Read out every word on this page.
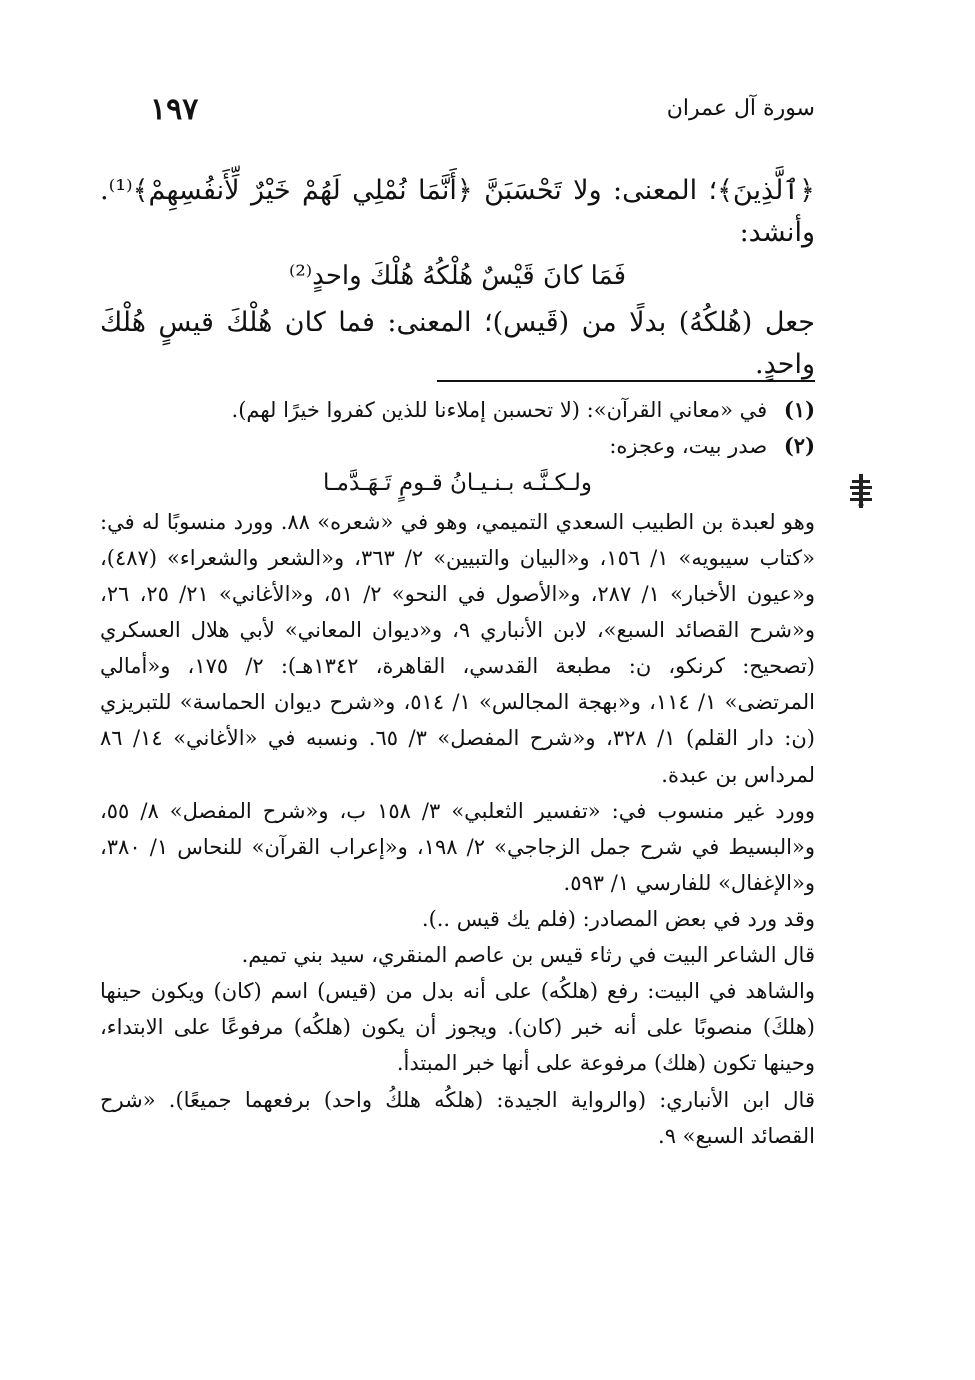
١٩٧	سورة آل عمران

﴿ٱلَّذِينَ﴾؛ المعنى: ولا تَحْسَبَنَّ ﴿أَنَّمَا نُمْلِي لَهُمْ خَيْرٌ لِّأَنفُسِهِمْ﴾⁽¹⁾. وأنشد:

فَمَا كانَ قَيْسٌ هُلْكُهُ هُلْكَ واحدٍ⁽²⁾

جعل (هُلكُهُ) بدلًا من (قَيس)؛ المعنى: فما كان هُلْكَ قيسٍ هُلْكَ واحدٍ.

(١) في «معاني القرآن»: (لا تحسبن إملاءنا للذين كفروا خيرًا لهم).

(٢) صدر بيت، وعجزه:

ولـكـنَّـه بـنـيـانُ قـومٍ تَـهَـدَّمـا

وهو لعبدة بن الطبيب السعدي التميمي، وهو في «شعره» ٨٨. وورد منسوبًا له في: «كتاب سيبويه» ١/ ١٥٦، و«البيان والتبيين» ٢/ ٣٦٣، و«الشعر والشعراء» (٤٨٧)، و«عيون الأخبار» ١/ ٢٨٧، و«الأصول في النحو» ٢/ ٥١، و«الأغاني» ٢١/ ٢٥، ٢٦، و«شرح القصائد السبع»، لابن الأنباري ٩، و«ديوان المعاني» لأبي هلال العسكري (تصحيح: كرنكو، ن: مطبعة القدسي، القاهرة، ١٣٤٢هـ): ٢/ ١٧٥، و«أمالي المرتضى» ١/ ١١٤، و«بهجة المجالس» ١/ ٥١٤، و«شرح ديوان الحماسة» للتبريزي (ن: دار القلم) ١/ ٣٢٨، و«شرح المفصل» ٣/ ٦٥. ونسبه في «الأغاني» ١٤/ ٨٦ لمرداس بن عبدة.

وورد غير منسوب في: «تفسير الثعلبي» ٣/ ١٥٨ ب، و«شرح المفصل» ٨/ ٥٥، و«البسيط في شرح جمل الزجاجي» ٢/ ١٩٨، و«إعراب القرآن» للنحاس ١/ ٣٨٠، و«الإغفال» للفارسي ١/ ٥٩٣.

وقد ورد في بعض المصادر: (فلم يك قيس ..).

قال الشاعر البيت في رثاء قيس بن عاصم المنقري، سيد بني تميم.

والشاهد في البيت: رفع (هلكُه) على أنه بدل من (قيس) اسم (كان) ويكون حينها (هلكَ) منصوبًا على أنه خبر (كان). ويجوز أن يكون (هلكُه) مرفوعًا على الابتداء، وحينها تكون (هلك) مرفوعة على أنها خبر المبتدأ.

قال ابن الأنباري: (والرواية الجيدة: (هلكُه هلكُ واحد) برفعهما جميعًا). «شرح القصائد السبع» ٩.
